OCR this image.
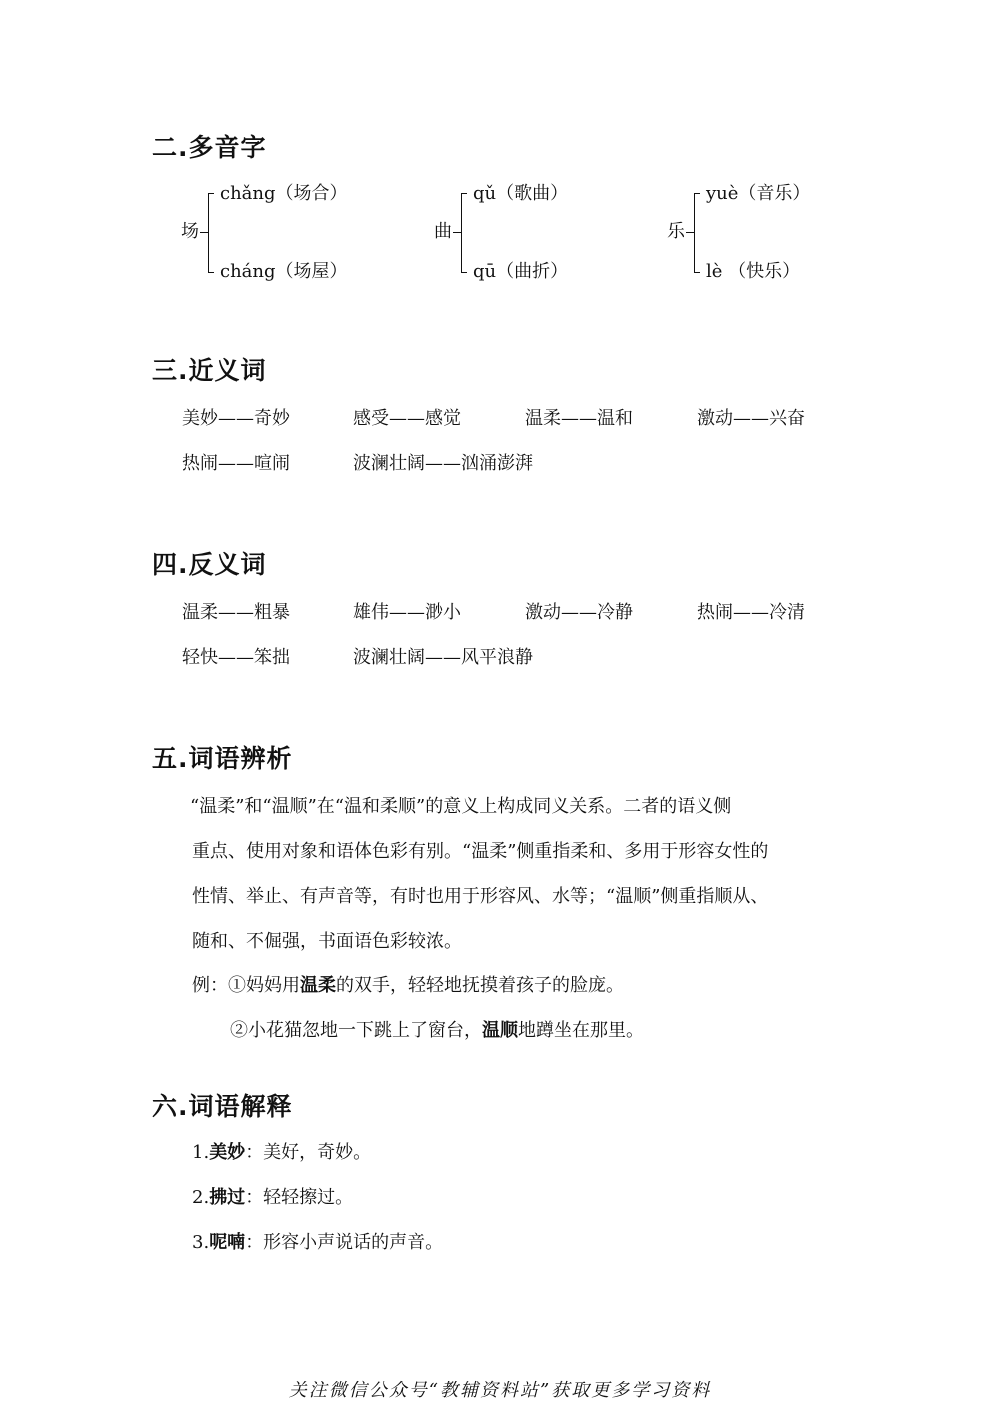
二.多音字
场
chǎng（场合）
cháng（场屋）
曲
qǔ（歌曲）
qū（曲折）
乐
yuè（音乐）
lè （快乐）
三.近义词
美妙——奇妙	感受——感觉	温柔——温和	激动——兴奋
热闹——喧闹	波澜壮阔——汹涌澎湃
四.反义词
温柔——粗暴	雄伟——渺小	激动——冷静	热闹——冷清
轻快——笨拙	波澜壮阔——风平浪静
五.词语辨析
“温柔”和“温顺”在“温和柔顺”的意义上构成同义关系。二者的语义侧
重点、使用对象和语体色彩有别。“温柔”侧重指柔和、多用于形容女性的
性情、举止、有声音等，有时也用于形容风、水等；“温顺”侧重指顺从、
随和、不倔强，书面语色彩较浓。
例：①妈妈用温柔的双手，轻轻地抚摸着孩子的脸庞。
②小花猫忽地一下跳上了窗台，温顺地蹲坐在那里。
六.词语解释
1.美妙：美好，奇妙。
2.拂过：轻轻擦过。
3.呢喃：形容小声说话的声音。
关注微信公众号“教辅资料站”获取更多学习资料
